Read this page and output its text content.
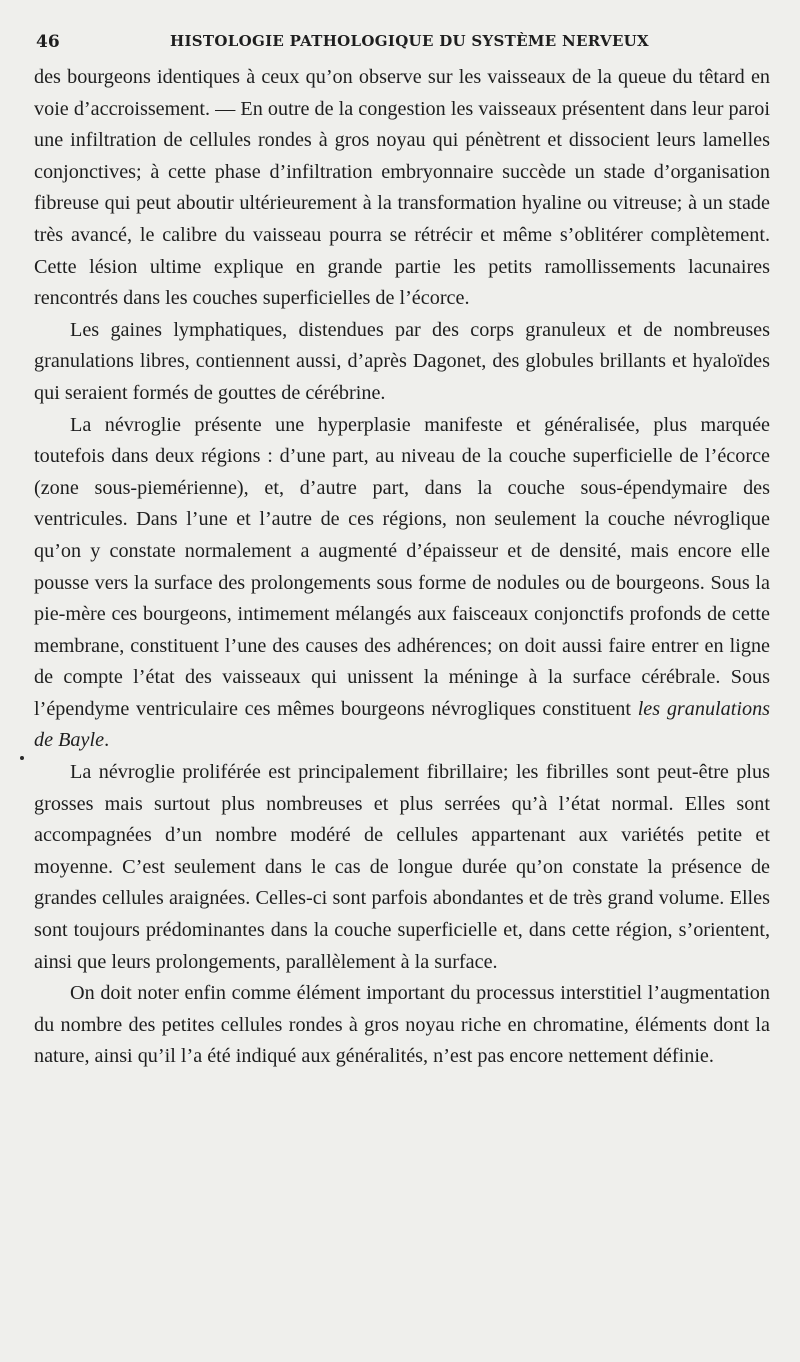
46	HISTOLOGIE PATHOLOGIQUE DU SYSTÈME NERVEUX

des bourgeons identiques à ceux qu’on observe sur les vaisseaux de la queue du têtard en voie d’accroissement. — En outre de la congestion les vaisseaux présentent dans leur paroi une infiltration de cellules rondes à gros noyau qui pénètrent et dissocient leurs lamelles conjonctives; à cette phase d’infiltration embryonnaire succède un stade d’organisation fibreuse qui peut aboutir ultérieurement à la transformation hyaline ou vitreuse; à un stade très avancé, le calibre du vaisseau pourra se rétrécir et même s’oblitérer complètement. Cette lésion ultime explique en grande partie les petits ramollissements lacunaires rencontrés dans les couches superficielles de l’écorce.

Les gaines lymphatiques, distendues par des corps granuleux et de nombreuses granulations libres, contiennent aussi, d’après Dagonet, des globules brillants et hyaloïdes qui seraient formés de gouttes de cérébrine.

La névroglie présente une hyperplasie manifeste et généralisée, plus marquée toutefois dans deux régions : d’une part, au niveau de la couche superficielle de l’écorce (zone sous-piemérienne), et, d’autre part, dans la couche sous-épendymaire des ventricules. Dans l’une et l’autre de ces régions, non seulement la couche névroglique qu’on y constate normalement a augmenté d’épaisseur et de densité, mais encore elle pousse vers la surface des prolongements sous forme de nodules ou de bourgeons. Sous la pie-mère ces bourgeons, intimement mélangés aux faisceaux conjonctifs profonds de cette membrane, constituent l’une des causes des adhérences; on doit aussi faire entrer en ligne de compte l’état des vaisseaux qui unissent la méninge à la surface cérébrale. Sous l’épendyme ventriculaire ces mêmes bourgeons névrogliques constituent les granulations de Bayle.

La névroglie proliférée est principalement fibrillaire; les fibrilles sont peut-être plus grosses mais surtout plus nombreuses et plus serrées qu’à l’état normal. Elles sont accompagnées d’un nombre modéré de cellules appartenant aux variétés petite et moyenne. C’est seulement dans le cas de longue durée qu’on constate la présence de grandes cellules araignées. Celles-ci sont parfois abondantes et de très grand volume. Elles sont toujours prédominantes dans la couche superficielle et, dans cette région, s’orientent, ainsi que leurs prolongements, parallèlement à la surface.

On doit noter enfin comme élément important du processus interstitiel l’augmentation du nombre des petites cellules rondes à gros noyau riche en chromatine, éléments dont la nature, ainsi qu’il l’a été indiqué aux généralités, n’est pas encore nettement définie.
